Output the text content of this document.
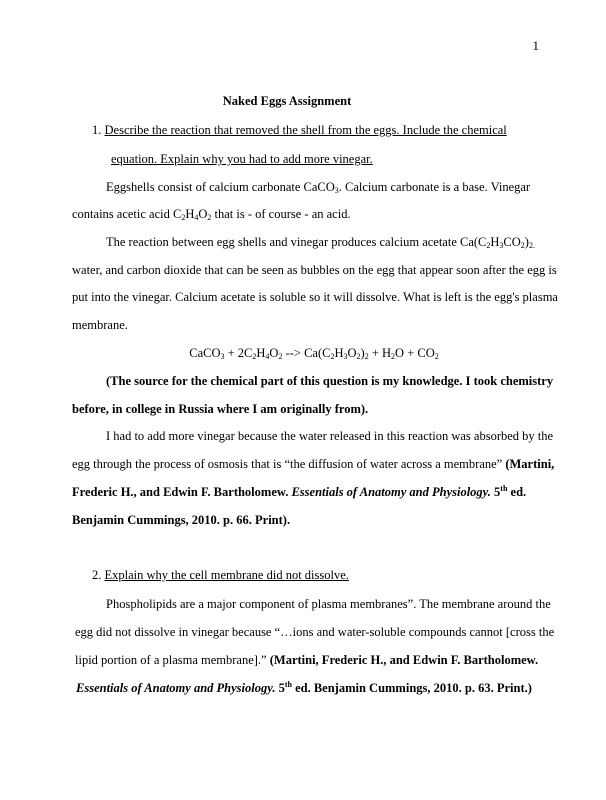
1
Naked Eggs Assignment
1. Describe the reaction that removed the shell from the eggs. Include the chemical
equation. Explain why you had to add more vinegar.
Eggshells consist of calcium carbonate CaCO$_3$. Calcium carbonate is a base. Vinegar
contains acetic acid $C_2H_4O_2$ that is - of course - an acid.
The reaction between egg shells and vinegar produces calcium acetate $Ca(C_2H_3CO_2)_{2.}$
water, and carbon dioxide that can be seen as bubbles on the egg that appear soon after the egg is
put into the vinegar. Calcium acetate is soluble so it will dissolve. What is left is the egg's plasma
membrane.
CaCO$_3$ + $2C_2H_4O_2$ --> $Ca(C_2H_3O_2)_2 + H_2O + CO_2$
(The source for the chemical part of this question is my knowledge. I took chemistry
before, in college in Russia where I am originally from).
I had to add more vinegar because the water released in this reaction was absorbed by the
egg through the process of osmosis that is “the diffusion of water across a membrane” (Martini,
Frederic H., and Edwin F. Bartholomew. Essentials of Anatomy and Physiology. 5th ed.
Benjamin Cummings, 2010. p. 66. Print).
2. Explain why the cell membrane did not dissolve.
Phospholipids are a major component of plasma membranes”. The membrane around the
egg did not dissolve in vinegar because “…ions and water-soluble compounds cannot [cross the
lipid portion of a plasma membrane].” (Martini, Frederic H., and Edwin F. Bartholomew.
Essentials of Anatomy and Physiology. 5th ed. Benjamin Cummings, 2010. p. 63. Print.)
